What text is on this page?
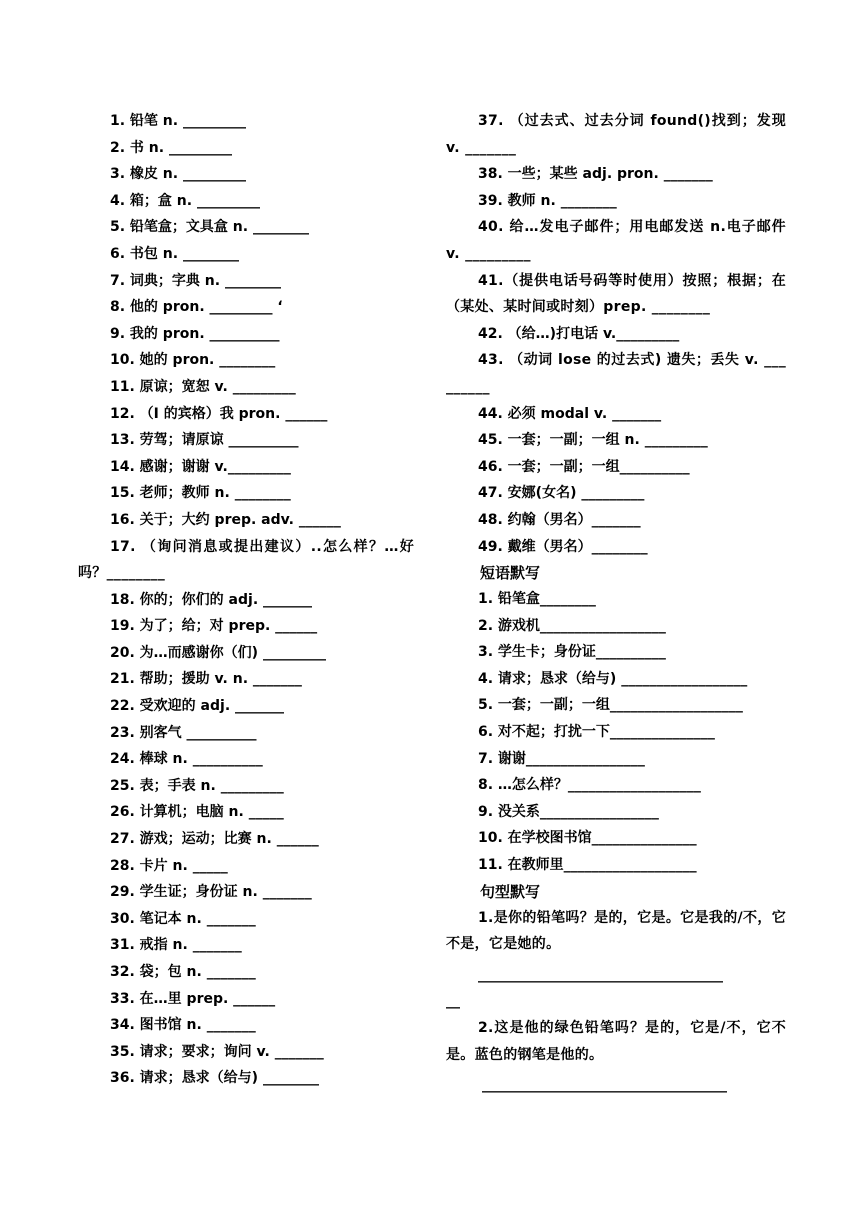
1. 铅笔 n. _________
2. 书 n. _________
3. 橡皮 n. _________
4. 箱；盒 n. _________
5. 铅笔盒；文具盒 n. ________
6. 书包 n. ________
7. 词典；字典 n. ________
8. 他的 pron. _________ ‘
9. 我的 pron. __________
10. 她的 pron. ________
11. 原谅；宽恕 v. _________
12. （I 的宾格）我 pron. ______
13. 劳驾；请原谅 __________
14. 感谢；谢谢 v._________
15. 老师；教师 n. ________
16. 关于；大约 prep. adv. ______
17. （询问消息或提出建议）..怎么样？…好吗？________
18. 你的；你们的 adj. _______
19. 为了；给；对 prep. ______
20. 为…而感谢你（们) _________
21. 帮助；援助 v. n. _______
22. 受欢迎的 adj. _______
23. 别客气 __________
24. 棒球 n. __________
25. 表；手表 n. _________
26. 计算机；电脑 n. _____
27. 游戏；运动；比赛 n. ______
28. 卡片 n. _____
29. 学生证；身份证 n. _______
30. 笔记本 n. _______
31. 戒指 n. _______
32. 袋；包 n. _______
33. 在…里 prep. ______
34. 图书馆 n. _______
35. 请求；要求；询问 v. _______
36. 请求；恳求（给与) ________
37. （过去式、过去分词 found()找到；发现 v. _______
38. 一些；某些 adj. pron. _______
39. 教师 n. ________
40. 给…发电子邮件；用电邮发送 n.电子邮件 v. _________
41.（提供电话号码等时使用）按照；根据；在（某处、某时间或时刻）prep. ________
42. （给…)打电话 v._________
43. （动词 lose 的过去式) 遗失；丢失 v. _________
44. 必须 modal v. _______
45. 一套；一副；一组 n. _________
46. 一套；一副；一组__________
47. 安娜(女名) _________
48. 约翰（男名）_______
49. 戴维（男名）________
短语默写
1. 铅笔盒________
2. 游戏机__________________
3. 学生卡；身份证__________
4. 请求；恳求（给与) __________________
5. 一套；一副；一组___________________
6. 对不起；打扰一下_______________
7. 谢谢_________________
8. …怎么样？___________________
9. 没关系_________________
10. 在学校图书馆_______________
11. 在教师里___________________
句型默写
1.是你的铅笔吗？是的，它是。它是我的/不，它不是，它是她的。
___________________________________
__
2.这是他的绿色铅笔吗？是的，它是/不，它不是。蓝色的钢笔是他的。
___________________________________
